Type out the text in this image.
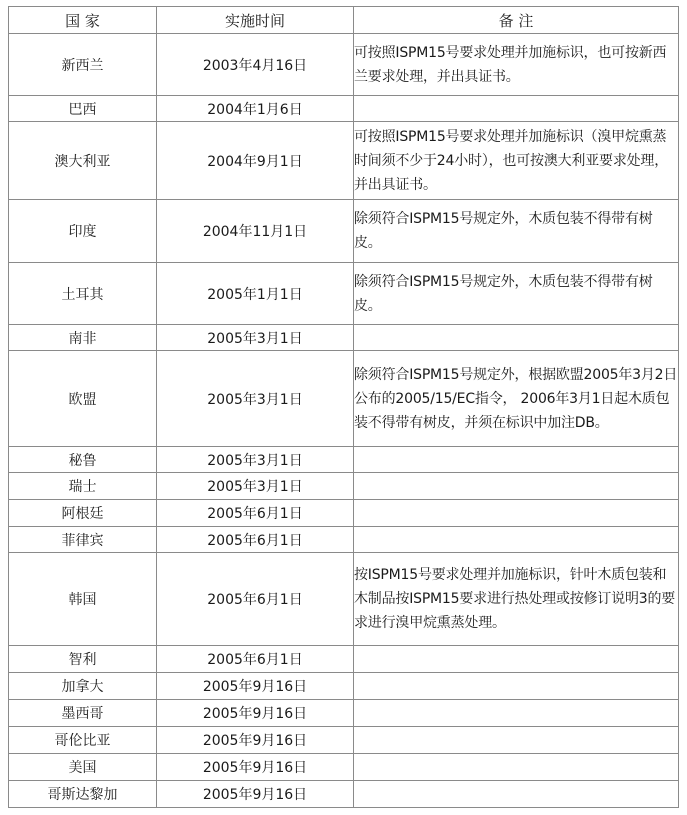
国 家	实施时间	备 注
新西兰	2003年4月16日	可按照ISPM15号要求处理并加施标识，也可按新西兰要求处理，并出具证书。

巴西	2004年1月6日	

澳大利亚	2004年9月1日	可按照ISPM15号要求处理并加施标识（溴甲烷熏蒸时间须不少于24小时），也可按澳大利亚要求处理，并出具证书。

印度	2004年11月1日	除须符合ISPM15号规定外，木质包装不得带有树皮。

土耳其	2005年1月1日	除须符合ISPM15号规定外，木质包装不得带有树皮。

南非	2005年3月1日	

欧盟	2005年3月1日	除须符合ISPM15号规定外，根据欧盟2005年3月2日公布的2005/15/EC指令， 2006年3月1日起木质包装不得带有树皮，并须在标识中加注DB。

秘鲁	2005年3月1日	

瑞士	2005年3月1日	

阿根廷	2005年6月1日	

菲律宾	2005年6月1日	

韩国	2005年6月1日	按ISPM15号要求处理并加施标识，针叶木质包装和木制品按ISPM15要求进行热处理或按修订说明3的要求进行溴甲烷熏蒸处理。

智利	2005年6月1日	

加拿大	2005年9月16日	

墨西哥	2005年9月16日	

哥伦比亚	2005年9月16日	

美国	2005年9月16日	

哥斯达黎加	2005年9月16日	
